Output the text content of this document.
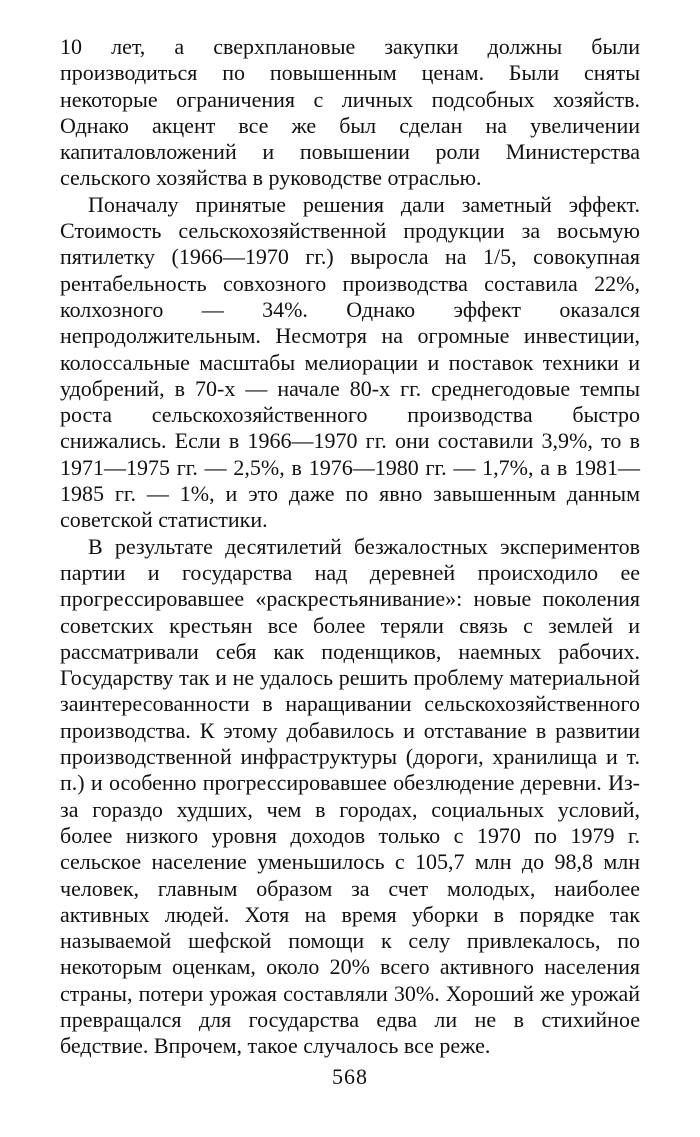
10 лет, а сверхплановые закупки должны были производиться по повышенным ценам. Были сняты некоторые ограничения с личных подсобных хозяйств. Однако акцент все же был сделан на увеличении капиталовложений и повышении роли Министерства сельского хозяйства в руководстве отраслью.

Поначалу принятые решения дали заметный эффект. Стоимость сельскохозяйственной продукции за восьмую пятилетку (1966—1970 гг.) выросла на 1/5, совокупная рентабельность совхозного производства составила 22%, колхозного — 34%. Однако эффект оказался непродолжительным. Несмотря на огромные инвестиции, колоссальные масштабы мелиорации и поставок техники и удобрений, в 70-х — начале 80-х гг. среднегодовые темпы роста сельскохозяйственного производства быстро снижались. Если в 1966—1970 гг. они составили 3,9%, то в 1971—1975 гг. — 2,5%, в 1976—1980 гг. — 1,7%, а в 1981—1985 гг. — 1%, и это даже по явно завышенным данным советской статистики.

В результате десятилетий безжалостных экспериментов партии и государства над деревней происходило ее прогрессировавшее «раскрестьянивание»: новые поколения советских крестьян все более теряли связь с землей и рассматривали себя как поденщиков, наемных рабочих. Государству так и не удалось решить проблему материальной заинтересованности в наращивании сельскохозяйственного производства. К этому добавилось и отставание в развитии производственной инфраструктуры (дороги, хранилища и т. п.) и особенно прогрессировавшее обезлюдение деревни. Из-за гораздо худших, чем в городах, социальных условий, более низкого уровня доходов только с 1970 по 1979 г. сельское население уменьшилось с 105,7 млн до 98,8 млн человек, главным образом за счет молодых, наиболее активных людей. Хотя на время уборки в порядке так называемой шефской помощи к селу привлекалось, по некоторым оценкам, около 20% всего активного населения страны, потери урожая составляли 30%. Хороший же урожай превращался для государства едва ли не в стихийное бедствие. Впрочем, такое случалось все реже.

568
